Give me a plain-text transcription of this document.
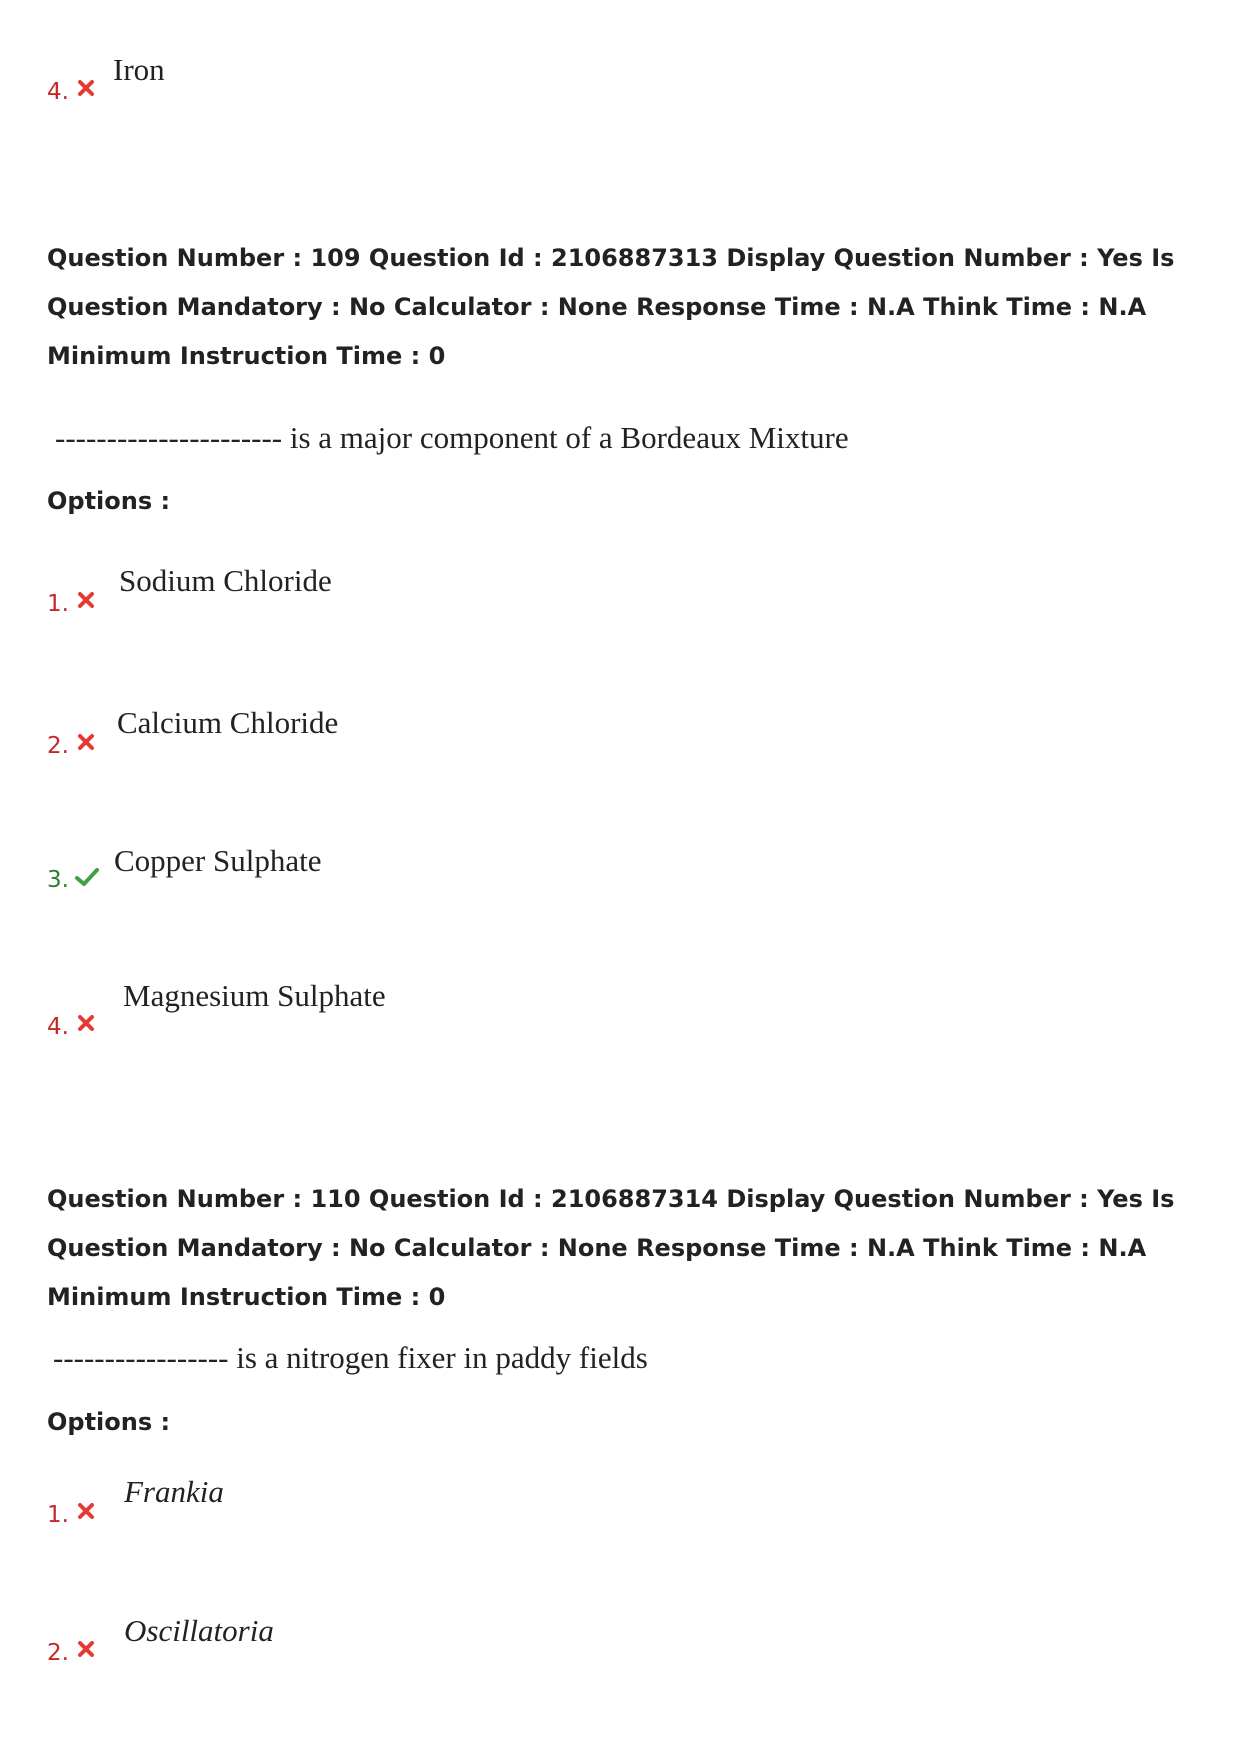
4.
Iron
Question Number : 109 Question Id : 2106887313 Display Question Number : Yes Is Question Mandatory : No Calculator : None Response Time : N.A Think Time : N.A Minimum Instruction Time : 0
---------------------- is a major component of a Bordeaux Mixture
Options :
1.
Sodium Chloride
2.
Calcium Chloride
3.
Copper Sulphate
4.
Magnesium Sulphate
Question Number : 110 Question Id : 2106887314 Display Question Number : Yes Is Question Mandatory : No Calculator : None Response Time : N.A Think Time : N.A Minimum Instruction Time : 0
----------------- is a nitrogen fixer in paddy fields
Options :
1.
Frankia
2.
Oscillatoria
